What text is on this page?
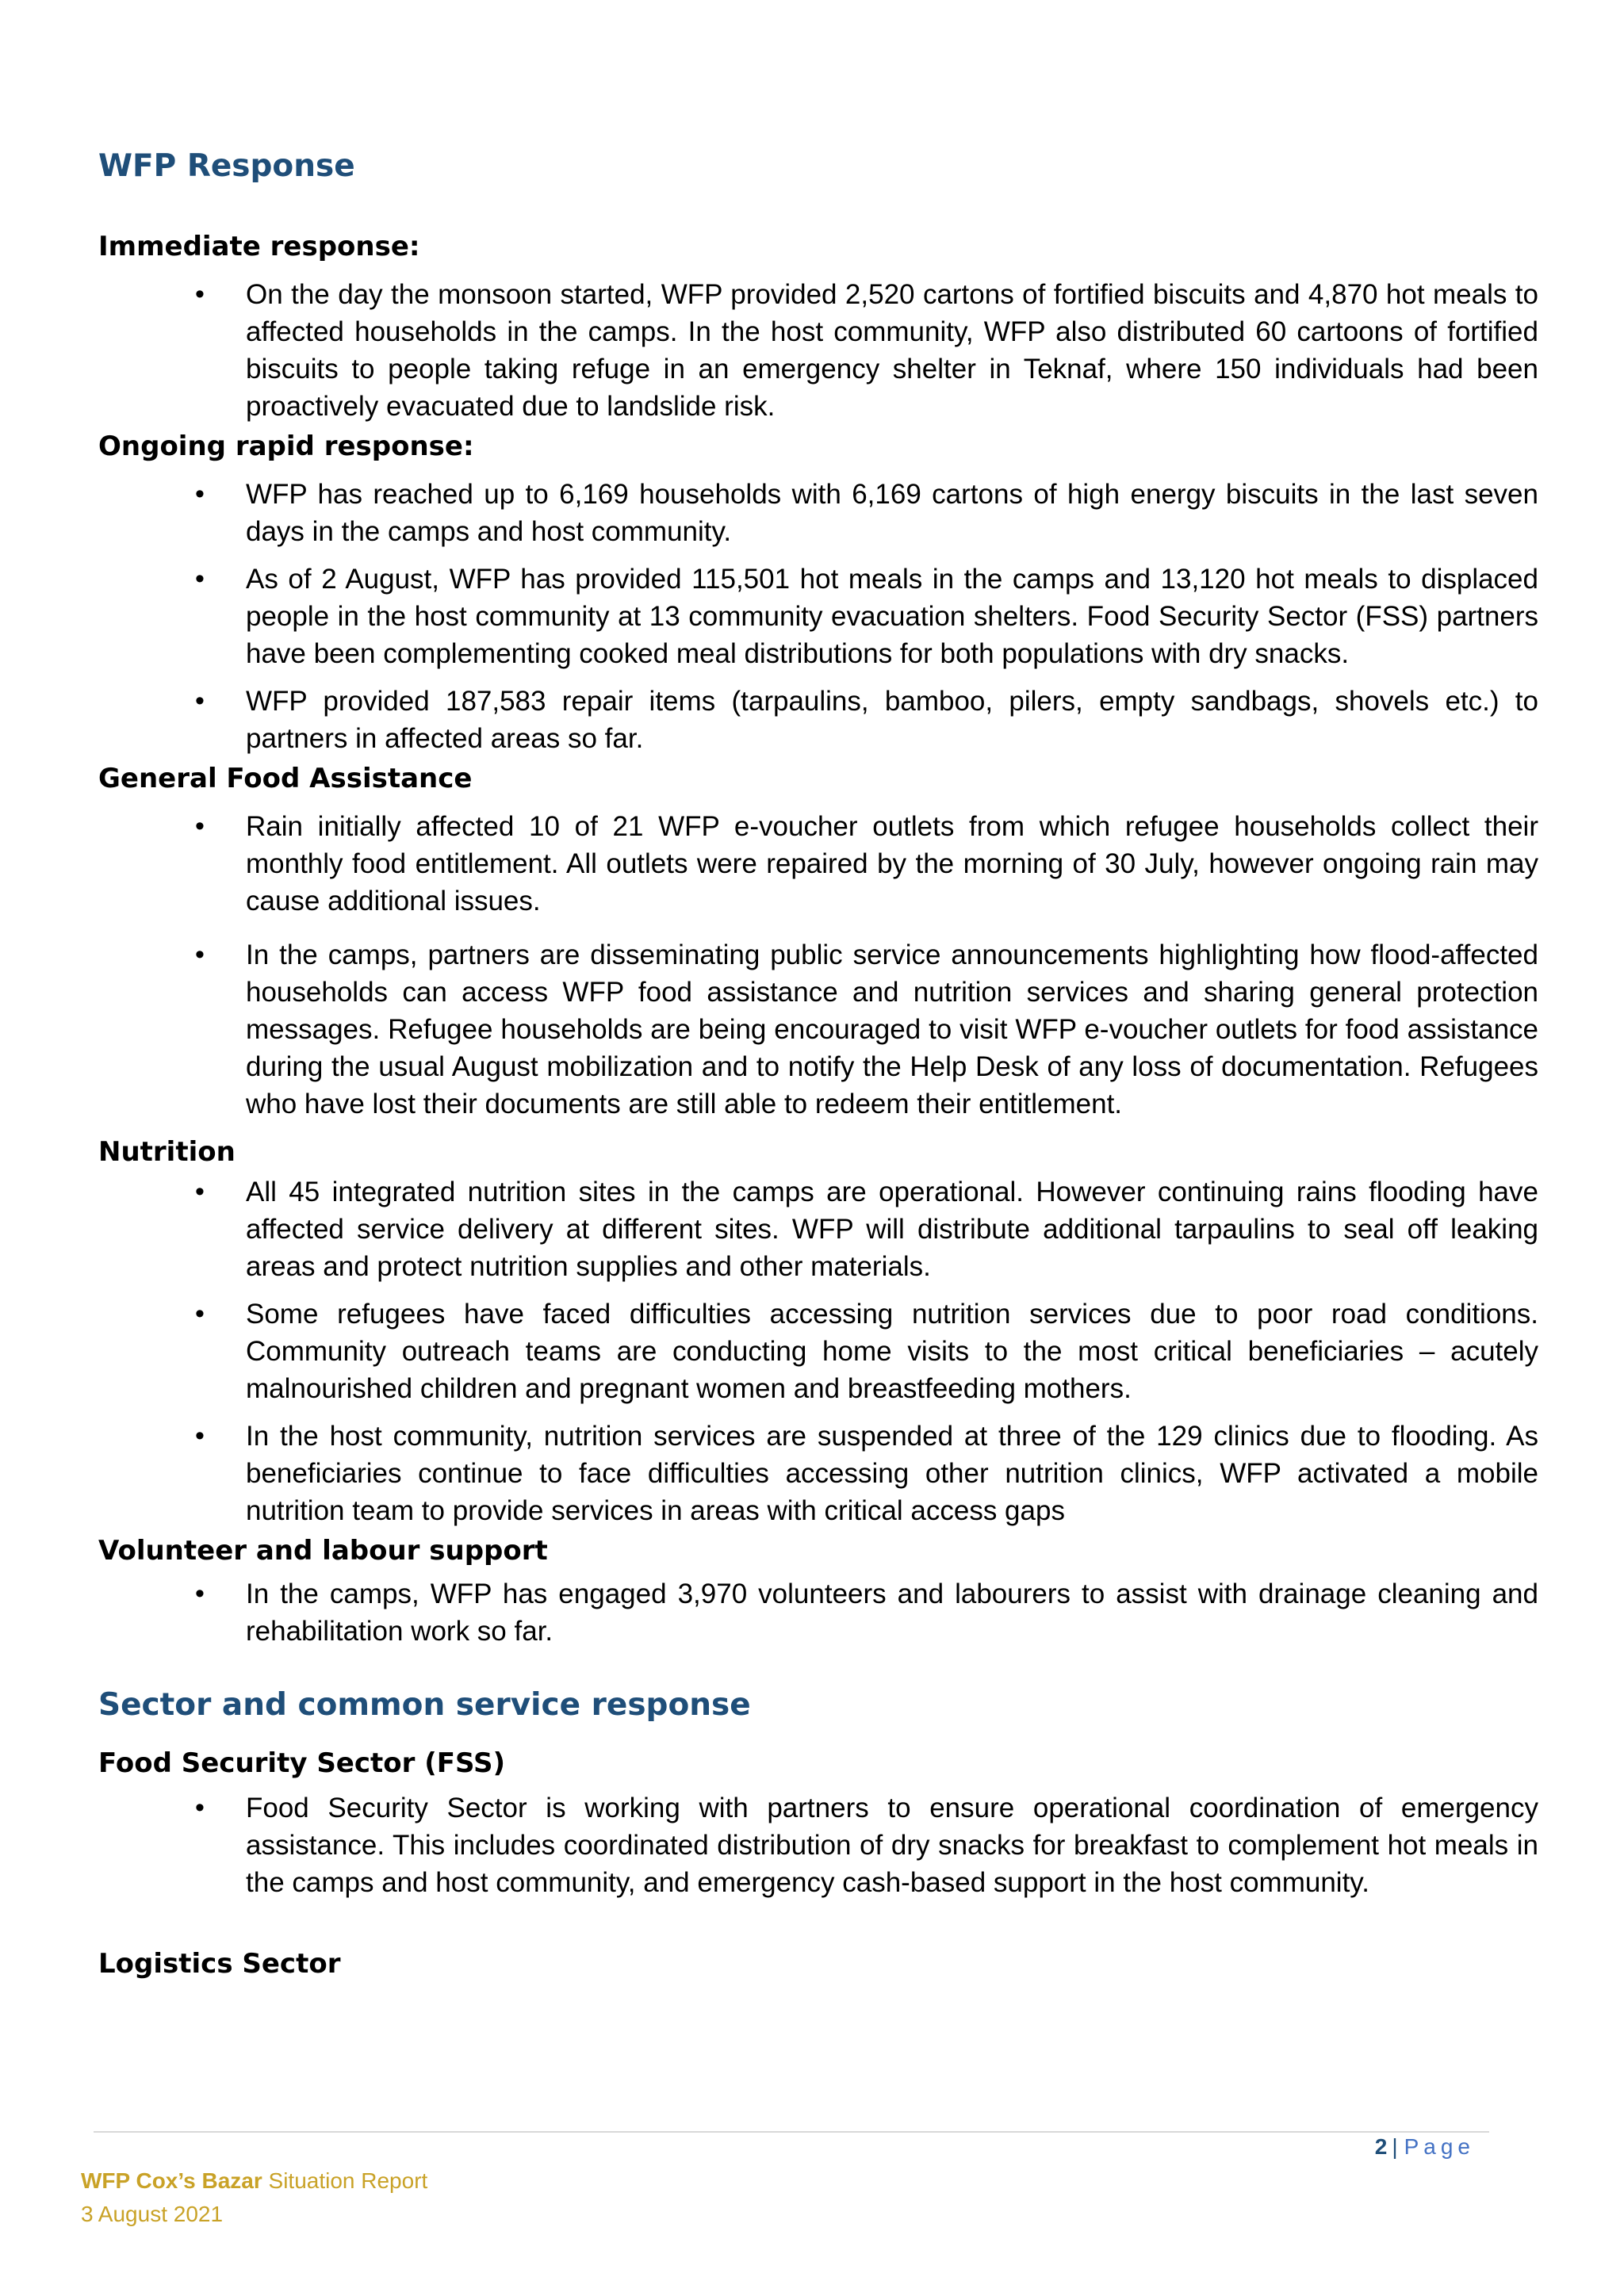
WFP Response
Immediate response:
• On the day the monsoon started, WFP provided 2,520 cartons of fortified biscuits and 4,870 hot meals to affected households in the camps. In the host community, WFP also distributed 60 cartoons of fortified biscuits to people taking refuge in an emergency shelter in Teknaf, where 150 individuals had been proactively evacuated due to landslide risk.
Ongoing rapid response:
• WFP has reached up to 6,169 households with 6,169 cartons of high energy biscuits in the last seven days in the camps and host community.
• As of 2 August, WFP has provided 115,501 hot meals in the camps and 13,120 hot meals to displaced people in the host community at 13 community evacuation shelters. Food Security Sector (FSS) partners have been complementing cooked meal distributions for both populations with dry snacks.
• WFP provided 187,583 repair items (tarpaulins, bamboo, pilers, empty sandbags, shovels etc.) to partners in affected areas so far.
General Food Assistance
• Rain initially affected 10 of 21 WFP e-voucher outlets from which refugee households collect their monthly food entitlement. All outlets were repaired by the morning of 30 July, however ongoing rain may cause additional issues.
• In the camps, partners are disseminating public service announcements highlighting how flood-affected households can access WFP food assistance and nutrition services and sharing general protection messages. Refugee households are being encouraged to visit WFP e-voucher outlets for food assistance during the usual August mobilization and to notify the Help Desk of any loss of documentation. Refugees who have lost their documents are still able to redeem their entitlement.
Nutrition
• All 45 integrated nutrition sites in the camps are operational. However continuing rains flooding have affected service delivery at different sites. WFP will distribute additional tarpaulins to seal off leaking areas and protect nutrition supplies and other materials.
• Some refugees have faced difficulties accessing nutrition services due to poor road conditions. Community outreach teams are conducting home visits to the most critical beneficiaries – acutely malnourished children and pregnant women and breastfeeding mothers.
• In the host community, nutrition services are suspended at three of the 129 clinics due to flooding. As beneficiaries continue to face difficulties accessing other nutrition clinics, WFP activated a mobile nutrition team to provide services in areas with critical access gaps
Volunteer and labour support
• In the camps, WFP has engaged 3,970 volunteers and labourers to assist with drainage cleaning and rehabilitation work so far.
Sector and common service response
Food Security Sector (FSS)
• Food Security Sector is working with partners to ensure operational coordination of emergency assistance. This includes coordinated distribution of dry snacks for breakfast to complement hot meals in the camps and host community, and emergency cash-based support in the host community.
Logistics Sector
2 | Page
WFP Cox’s Bazar Situation Report
3 August 2021
